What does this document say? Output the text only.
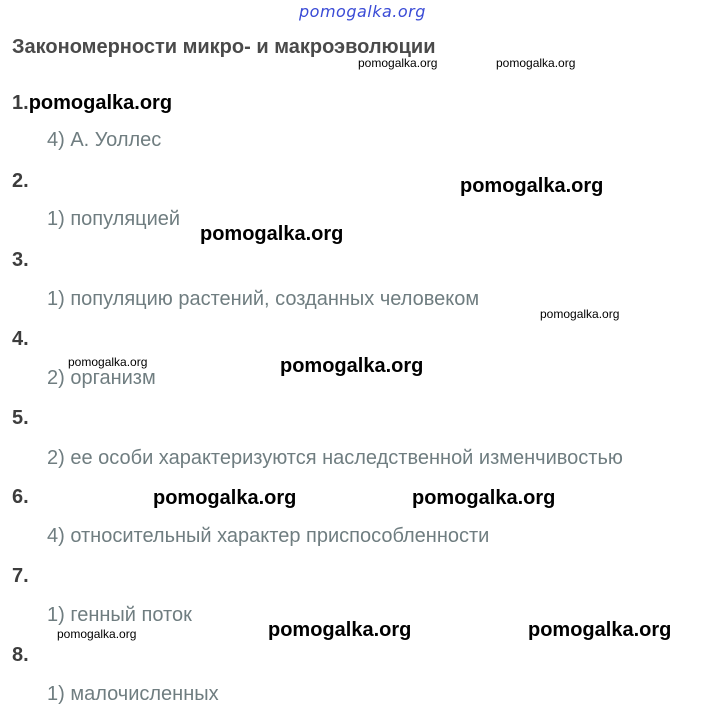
pomogalka.org
Закономерности микро- и макроэволюции
pomogalka.org	pomogalka.org
1.pomogalka.org
4) А. Уоллес
2.	pomogalka.org
1) популяцией
pomogalka.org
3.
1) популяцию растений, созданных человеком
pomogalka.org
4.
pomogalka.org	pomogalka.org
2) организм
5.
2) ее особи характеризуются наследственной изменчивостью
6.	pomogalka.org	pomogalka.org
4) относительный характер приспособленности
7.
1) генный поток
pomogalka.org	pomogalka.org	pomogalka.org
8.
1) малочисленных
